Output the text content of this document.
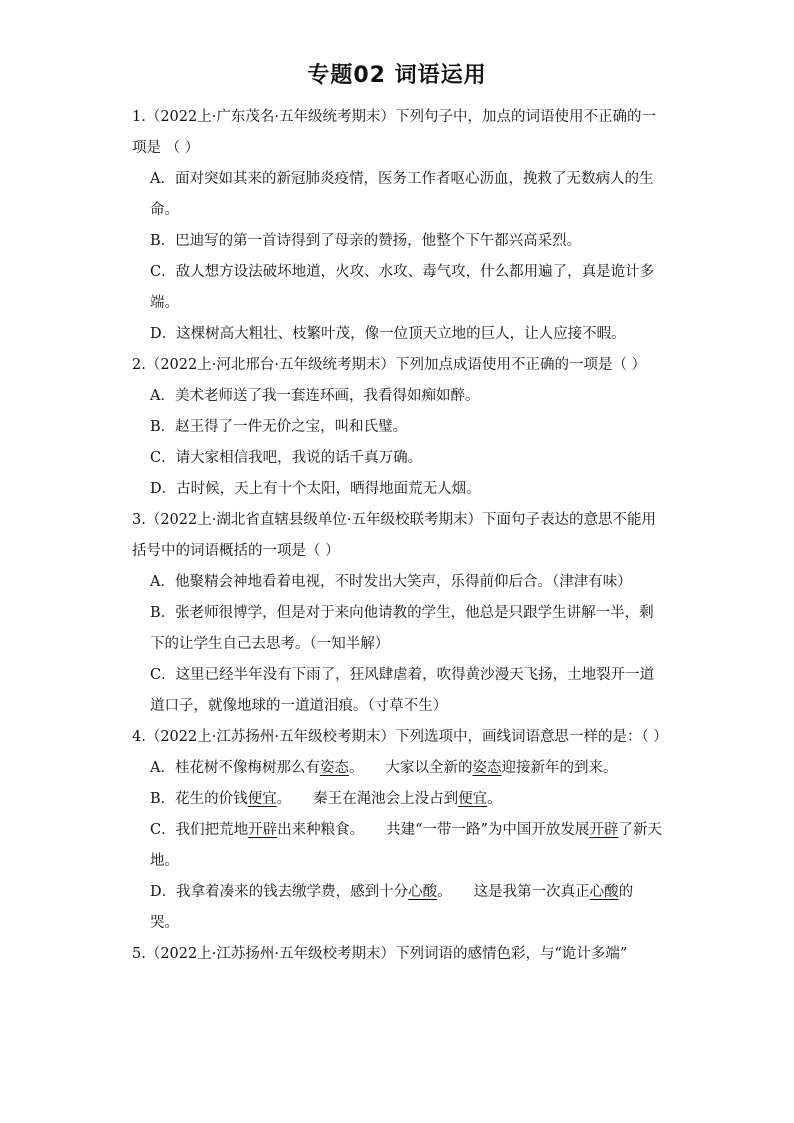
专题02 词语运用
1.（2022上·广东茂名·五年级统考期末）下列句子中，加点的词语使用不正确的一项是 （ ）
A．面对突如其来的新冠肺炎疫情，医务工作者呕心沥血，挽救了无数病人的生命。
B．巴迪写的第一首诗得到了母亲的赞扬，他整个下午都兴高采烈。
C．敌人想方设法破坏地道，火攻、水攻、毒气攻，什么都用遍了，真是诡计多端。
D．这棵树高大粗壮、枝繁叶茂，像一位顶天立地的巨人，让人应接不暇。
2.（2022上·河北邢台·五年级统考期末）下列加点成语使用不正确的一项是（ ）
A．美术老师送了我一套连环画，我看得如痴如醉。
B．赵王得了一件无价之宝，叫和氏璧。
C．请大家相信我吧，我说的话千真万确。
D．古时候，天上有十个太阳，晒得地面荒无人烟。
3.（2022上·湖北省直辖县级单位·五年级校联考期末）下面句子表达的意思不能用括号中的词语概括的一项是（ ）
A．他聚精会神地看着电视，不时发出大笑声，乐得前仰后合。（津津有味）
B．张老师很博学，但是对于来向他请教的学生，他总是只跟学生讲解一半，剩下的让学生自己去思考。（一知半解）
C．这里已经半年没有下雨了，狂风肆虐着，吹得黄沙漫天飞扬，土地裂开一道道口子，就像地球的一道道泪痕。（寸草不生）
4.（2022上·江苏扬州·五年级校考期末）下列选项中，画线词语意思一样的是：（ ）
A．桂花树不像梅树那么有姿态。 大家以全新的姿态迎接新年的到来。
B．花生的价钱便宜。 秦王在渑池会上没占到便宜。
C．我们把荒地开辟出来种粮食。 共建“一带一路”为中国开放发展开辟了新天地。
D．我拿着凑来的钱去缴学费，感到十分心酸。 这是我第一次真正心酸的哭。
5.（2022上·江苏扬州·五年级校考期末）下列词语的感情色彩，与“诡计多端”
